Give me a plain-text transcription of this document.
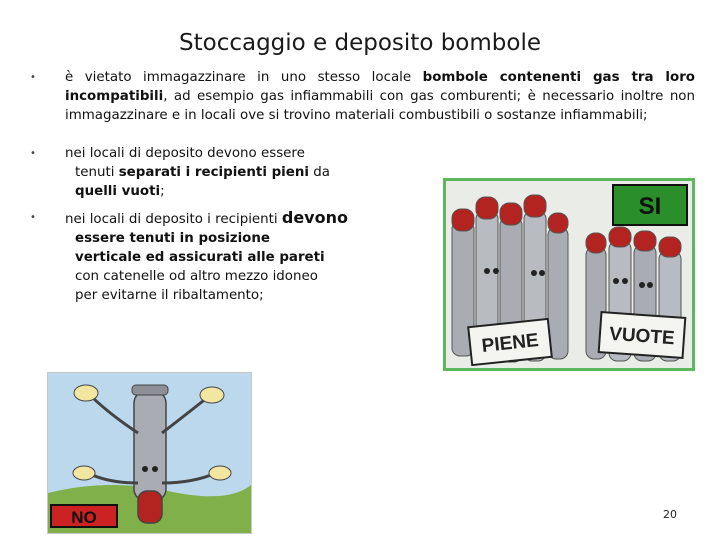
Stoccaggio e deposito bombole
• è vietato immagazzinare in uno stesso locale bombole contenenti gas tra loro incompatibili, ad esempio gas infiammabili con gas comburenti; è necessario inoltre non immagazzinare e in locali ove si trovino materiali combustibili o sostanze infiammabili;
• nei locali di deposito devono essere
tenuti separati i recipienti pieni da
quelli vuoti;
• nei locali di deposito i recipienti devono
essere tenuti in posizione
verticale ed assicurati alle pareti
con catenelle od altro mezzo idoneo
per evitarne il ribaltamento;
SI
PIENE	VUOTE
NO	20
